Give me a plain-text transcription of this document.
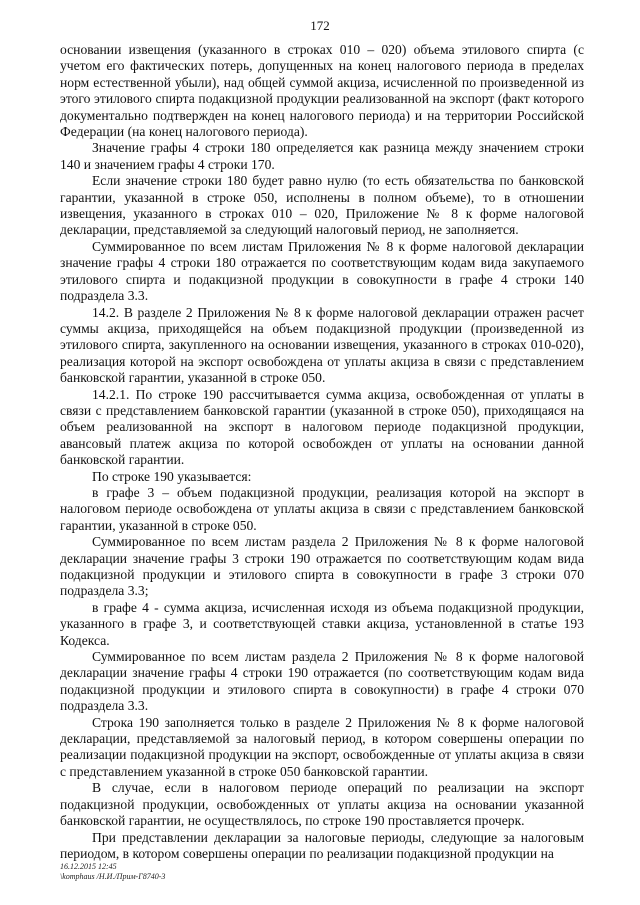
172

основании извещения (указанного в строках 010 – 020) объема этилового спирта (с учетом его фактических потерь, допущенных на конец налогового периода в пределах норм естественной убыли), над общей суммой акциза, исчисленной по произведенной из этого этилового спирта подакцизной продукции реализованной на экспорт (факт которого документально подтвержден на конец налогового периода) и на территории Российской Федерации (на конец налогового периода).

Значение графы 4 строки 180 определяется как разница между значением строки 140 и значением графы 4 строки 170.

Если значение строки 180 будет равно нулю (то есть обязательства по банковской гарантии, указанной в строке 050, исполнены в полном объеме), то в отношении извещения, указанного в строках 010 – 020, Приложение № 8 к форме налоговой декларации, представляемой за следующий налоговый период, не заполняется.

Суммированное по всем листам Приложения № 8 к форме налоговой декларации значение графы 4 строки 180 отражается по соответствующим кодам вида закупаемого этилового спирта и подакцизной продукции в совокупности в графе 4 строки 140 подраздела 3.3.

14.2. В разделе 2 Приложения № 8 к форме налоговой декларации отражен расчет суммы акциза, приходящейся на объем подакцизной продукции (произведенной из этилового спирта, закупленного на основании извещения, указанного в строках 010-020), реализация которой на экспорт освобождена от уплаты акциза в связи с представлением банковской гарантии, указанной в строке 050.

14.2.1. По строке 190 рассчитывается сумма акциза, освобожденная от уплаты в связи с представлением банковской гарантии (указанной в строке 050), приходящаяся на объем реализованной на экспорт в налоговом периоде подакцизной продукции, авансовый платеж акциза по которой освобожден от уплаты на основании данной банковской гарантии.

По строке 190 указывается:

в графе 3 – объем подакцизной продукции, реализация которой на экспорт в налоговом периоде освобождена от уплаты акциза в связи с представлением банковской гарантии, указанной в строке 050.

Суммированное по всем листам раздела 2 Приложения № 8 к форме налоговой декларации значение графы 3 строки 190 отражается по соответствующим кодам вида подакцизной продукции и этилового спирта в совокупности в графе 3 строки 070 подраздела 3.3;

в графе 4 - сумма акциза, исчисленная исходя из объема подакцизной продукции, указанного в графе 3, и соответствующей ставки акциза, установленной в статье 193 Кодекса.

Суммированное по всем листам раздела 2 Приложения № 8 к форме налоговой декларации значение графы 4 строки 190 отражается (по соответствующим кодам вида подакцизной продукции и этилового спирта в совокупности) в графе 4 строки 070 подраздела 3.3.

Строка 190 заполняется только в разделе 2 Приложения № 8 к форме налоговой декларации, представляемой за налоговый период, в котором совершены операции по реализации подакцизной продукции на экспорт, освобожденные от уплаты акциза в связи с представлением указанной в строке 050 банковской гарантии.

В случае, если в налоговом периоде операций по реализации на экспорт подакцизной продукции, освобожденных от уплаты акциза на основании указанной банковской гарантии, не осуществлялось, по строке 190 проставляется прочерк.

При представлении декларации за налоговые периоды, следующие за налоговым периодом, в котором совершены операции по реализации подакцизной продукции на

16.12.2015 12:45
\komphaus /Н.И./Прим-Г8740-3
